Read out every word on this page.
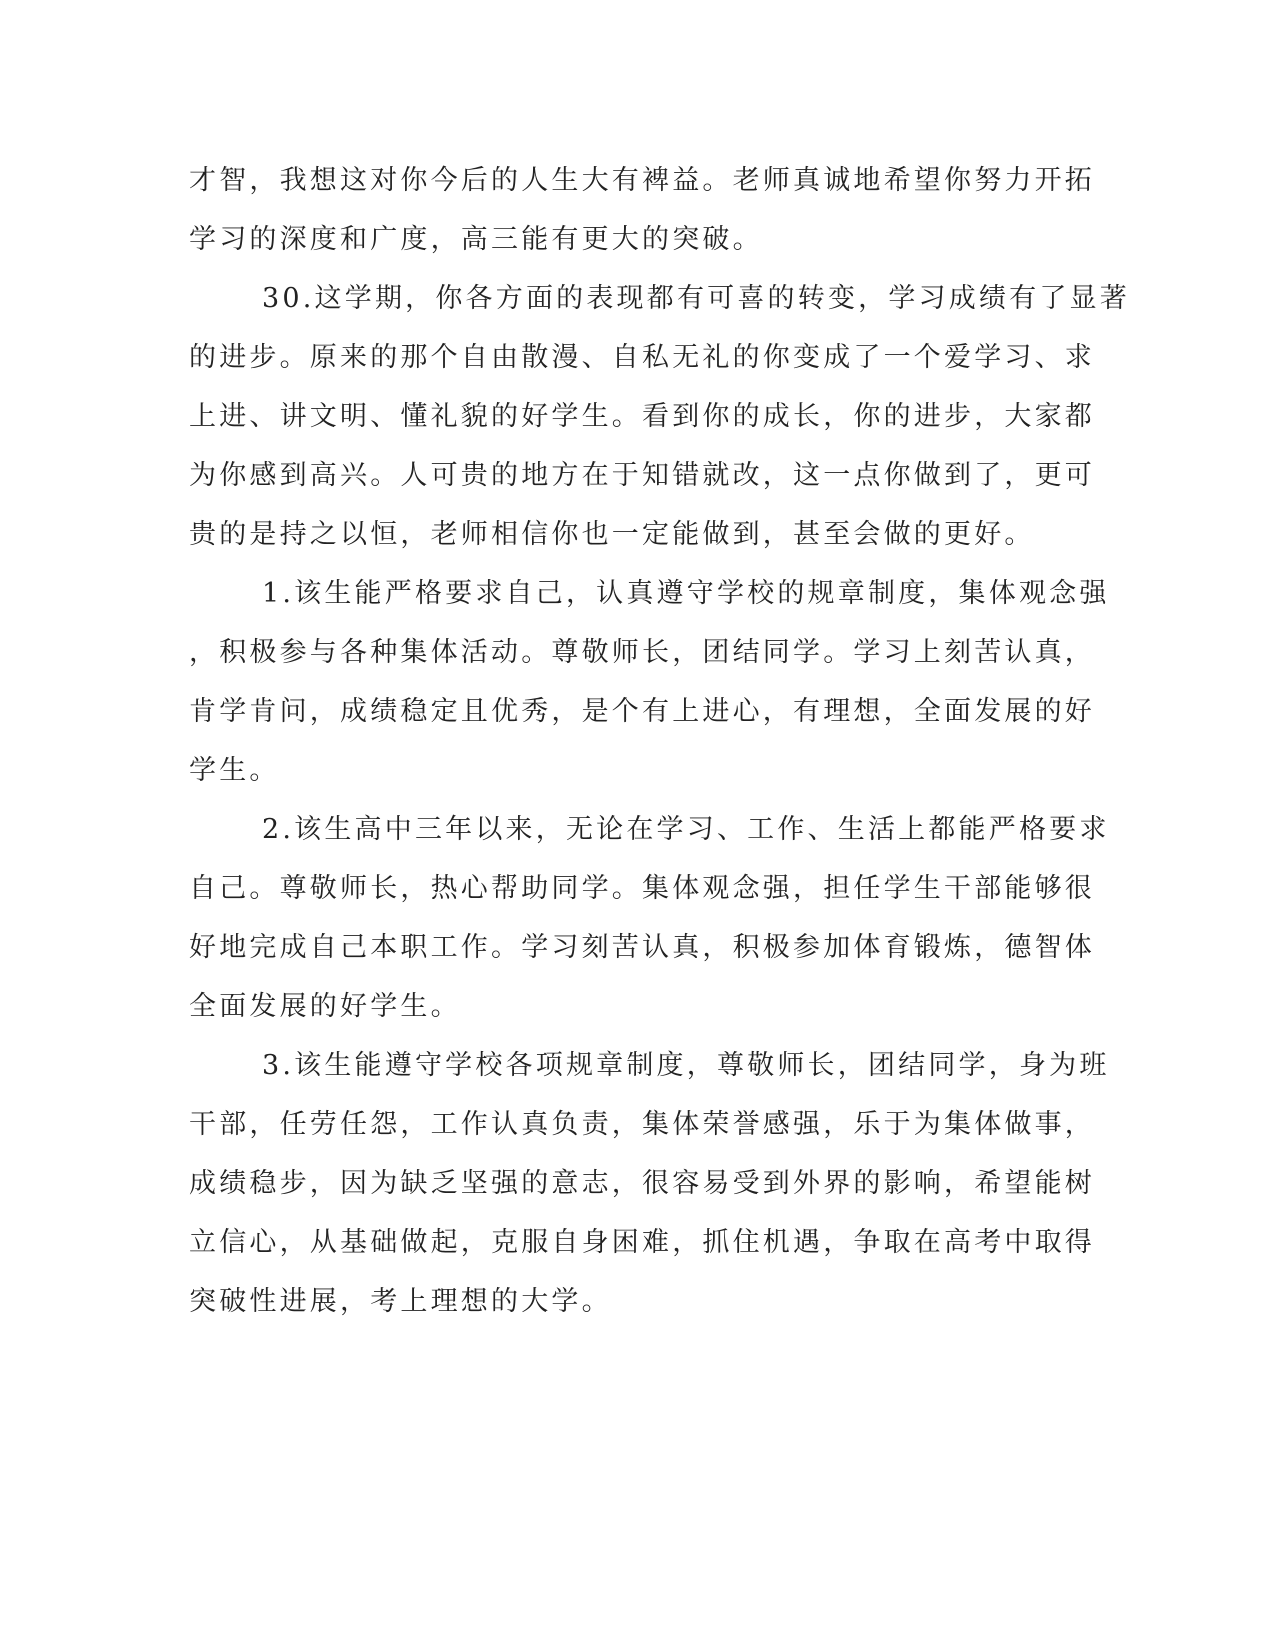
才智，我想这对你今后的人生大有裨益。老师真诚地希望你努力开拓
学习的深度和广度，高三能有更大的突破。
30.这学期，你各方面的表现都有可喜的转变，学习成绩有了显著
的进步。原来的那个自由散漫、自私无礼的你变成了一个爱学习、求
上进、讲文明、懂礼貌的好学生。看到你的成长，你的进步，大家都
为你感到高兴。人可贵的地方在于知错就改，这一点你做到了，更可
贵的是持之以恒，老师相信你也一定能做到，甚至会做的更好。
1.该生能严格要求自己，认真遵守学校的规章制度，集体观念强
，积极参与各种集体活动。尊敬师长，团结同学。学习上刻苦认真，
肯学肯问，成绩稳定且优秀，是个有上进心，有理想，全面发展的好
学生。
2.该生高中三年以来，无论在学习、工作、生活上都能严格要求
自己。尊敬师长，热心帮助同学。集体观念强，担任学生干部能够很
好地完成自己本职工作。学习刻苦认真，积极参加体育锻炼，德智体
全面发展的好学生。
3.该生能遵守学校各项规章制度，尊敬师长，团结同学，身为班
干部，任劳任怨，工作认真负责，集体荣誉感强，乐于为集体做事，
成绩稳步，因为缺乏坚强的意志，很容易受到外界的影响，希望能树
立信心，从基础做起，克服自身困难，抓住机遇，争取在高考中取得
突破性进展，考上理想的大学。
